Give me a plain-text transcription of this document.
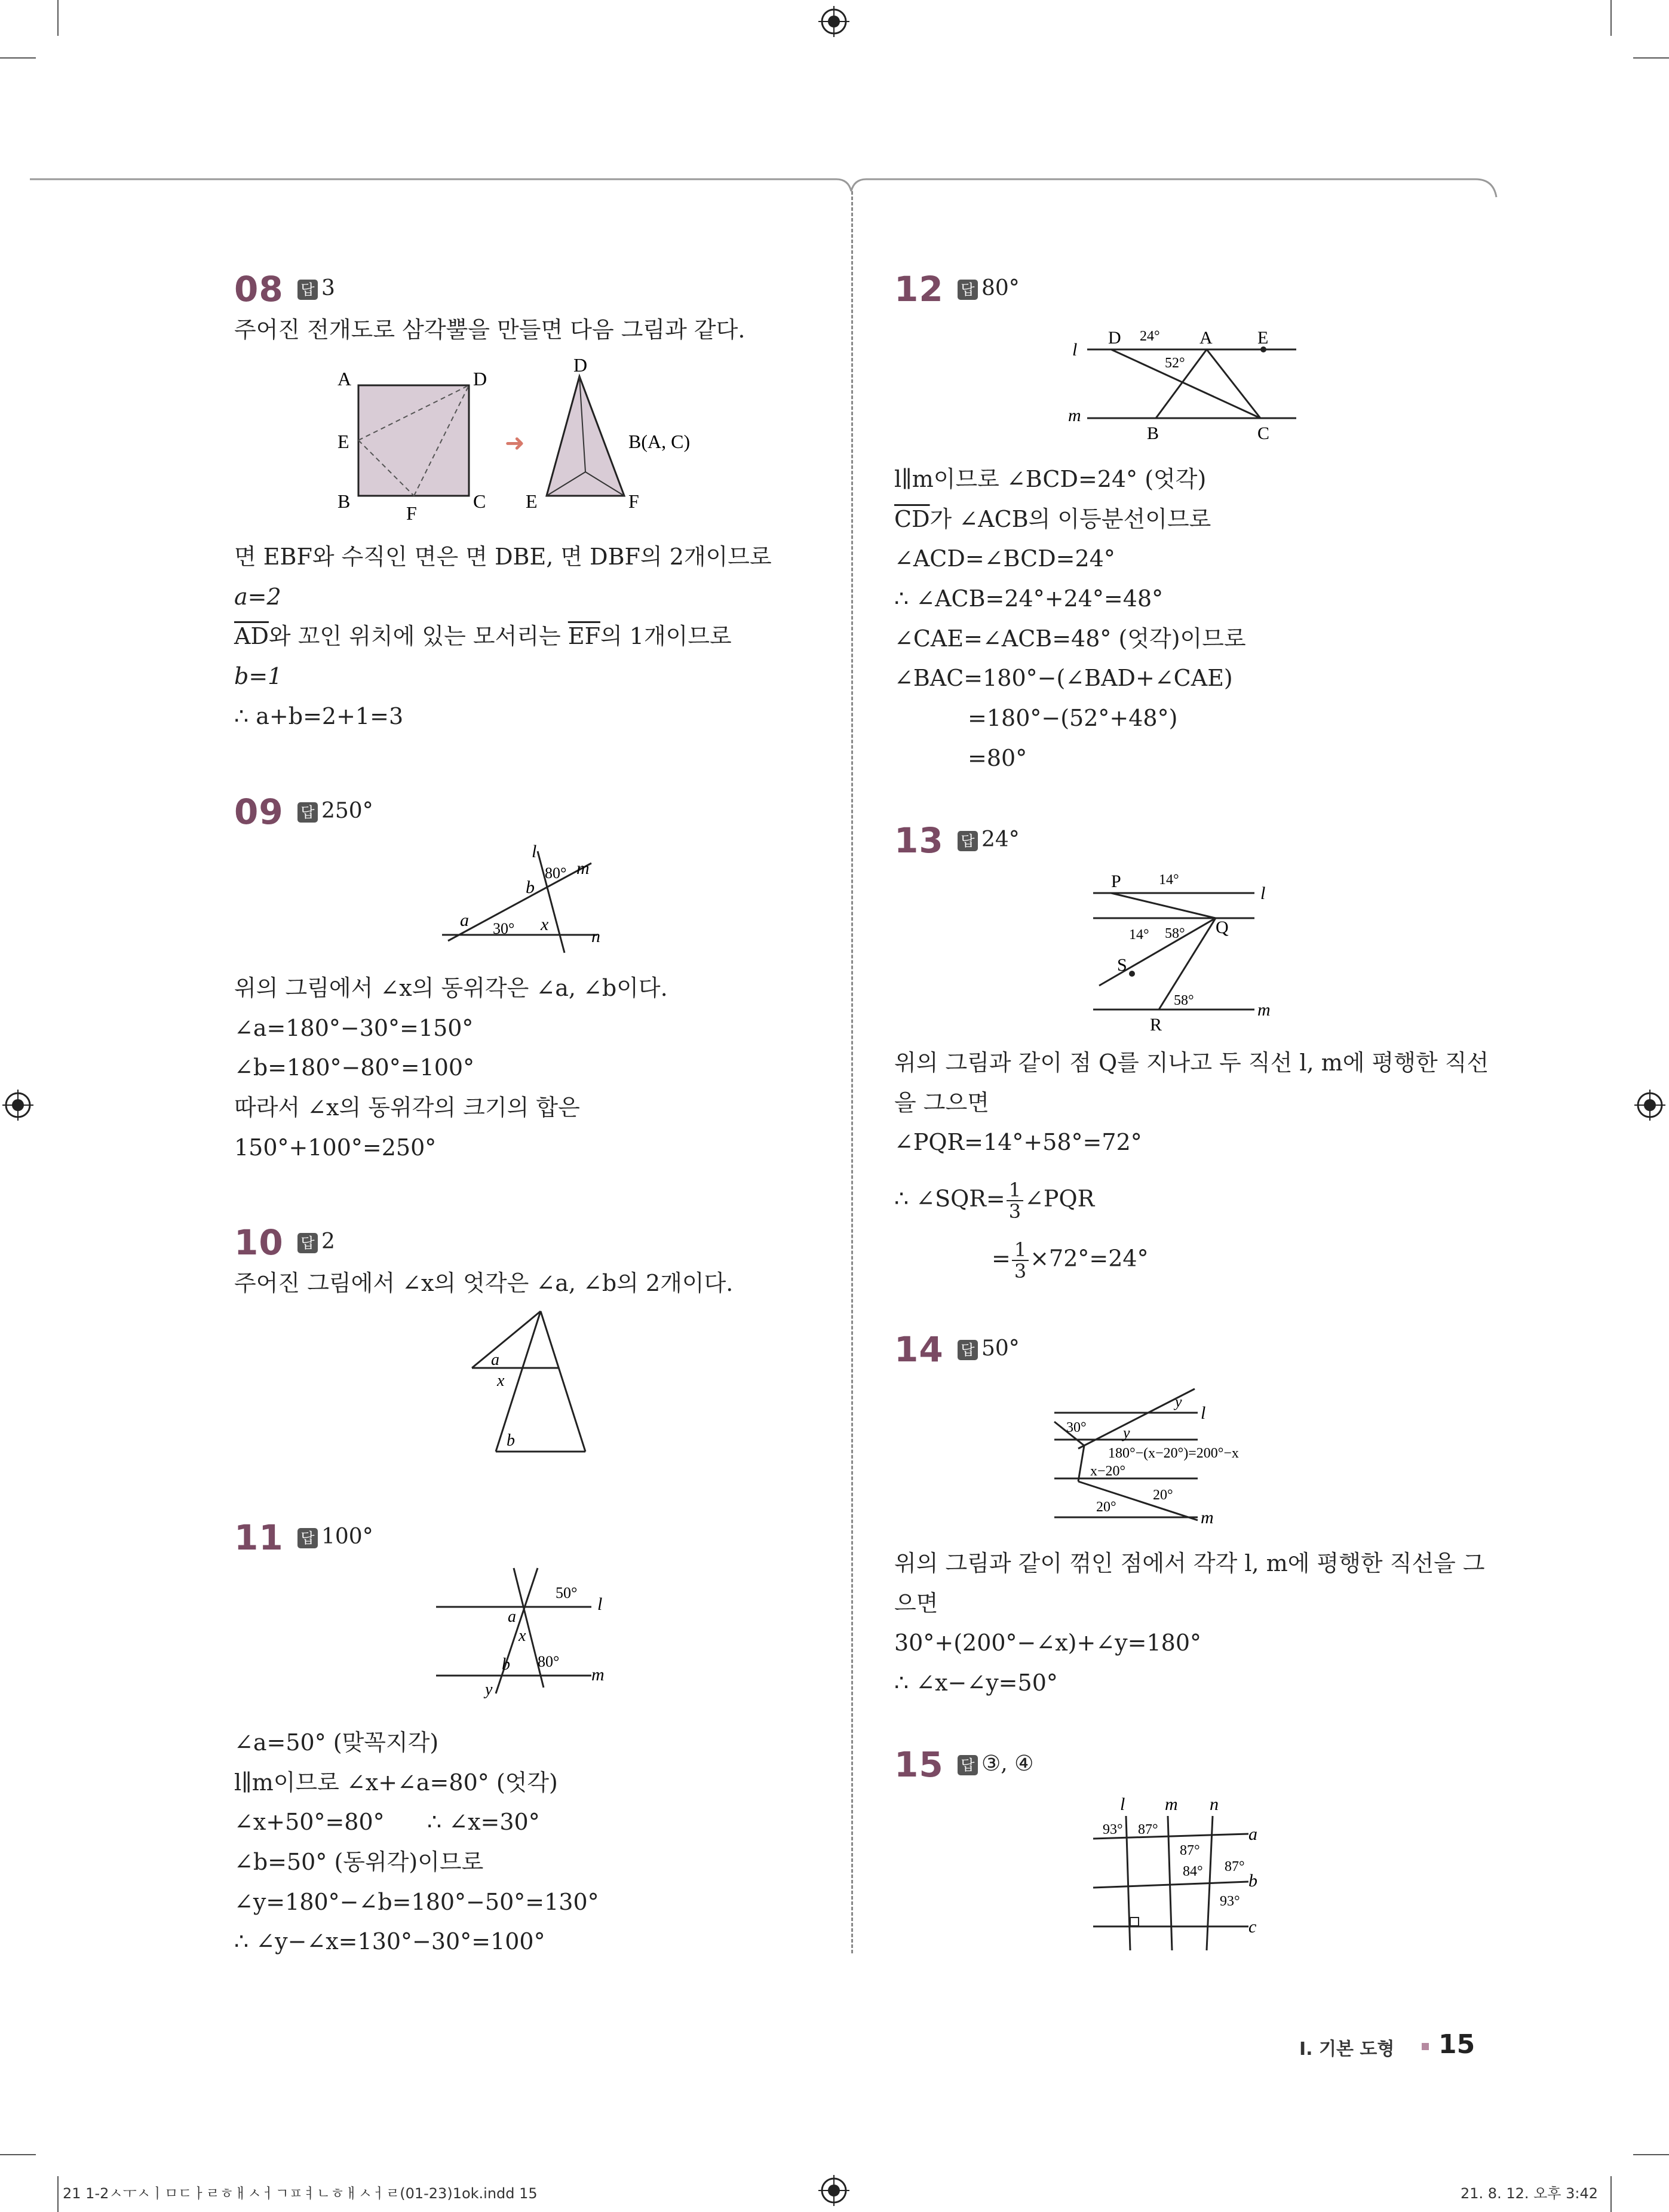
08 답 3
주어진 전개도로 삼각뿔을 만들면 다음 그림과 같다.
A	D
E
B
F
C
➜
D
B(A, C)
E	F
면 EBF와 수직인 면은 면 DBE, 면 DBF의 2개이므로
a=2
$\overline{AD}$와 꼬인 위치에 있는 모서리는 $\overline{EF}$의 1개이므로
b=1
∴ a+b=2+1=3
09 답 250°
l
m
n
a
b
x
80°
30°
위의 그림에서 ∠x의 동위각은 ∠a, ∠b이다.
∠a=180°−30°=150°
∠b=180°−80°=100°
따라서 ∠x의 동위각의 크기의 합은
150°+100°=250°
10 답 2
주어진 그림에서 ∠x의 엇각은 ∠a, ∠b의 2개이다.
a
x
b
11 답 100°
l
m
a
x
b
y
50°
80°
∠a=50° (맞꼭지각)
l∥m이므로 ∠x+∠a=80° (엇각)
∠x+50°=80° ∴ ∠x=30°
∠b=50° (동위각)이므로
∠y=180°−∠b=180°−50°=130°
∴ ∠y−∠x=130°−30°=100°
12 답 80°
l
m
D	A	E
B	C
24°
52°
l∥m이므로 ∠BCD=24° (엇각)
$\overline{CD}$가 ∠ACB의 이등분선이므로
∠ACD=∠BCD=24°
∴ ∠ACB=24°+24°=48°
∠CAE=∠ACB=48° (엇각)이므로
∠BAC=180°−(∠BAD+∠CAE)
=180°−(52°+48°)
=80°
13 답 24°
P
l
Q
S
R
m
14°
14° 58°
58°
위의 그림과 같이 점 Q를 지나고 두 직선 l, m에 평행한 직선
을 그으면
∠PQR=14°+58°=72°
∴ ∠SQR= $\frac{1}{3}$ ∠PQR
= $\frac{1}{3} \times 72^\circ=24^\circ$
14 답 50°
l
m
y
y
30°
180°−(x−20°)=200°−x
x−20°
20°
20°
위의 그림과 같이 꺾인 점에서 각각 l, m에 평행한 직선을 그
으면
30°+(200°−∠x)+∠y=180°
∴ ∠x−∠y=50°
15 답 ③, ④
l m n
a
b
c
93° 87°
87°
84° 87°
93°
Ⅰ. 기본 도형 15
21 1-2ㅅㅜㅅㅣㅁㄷㅏㄹㅎㅐㅅㅓㄱㅍㅕㄴㅎㅐㅅㅓㄹ(01-23)1ok.indd 15	21. 8. 12. 오후 3:42
